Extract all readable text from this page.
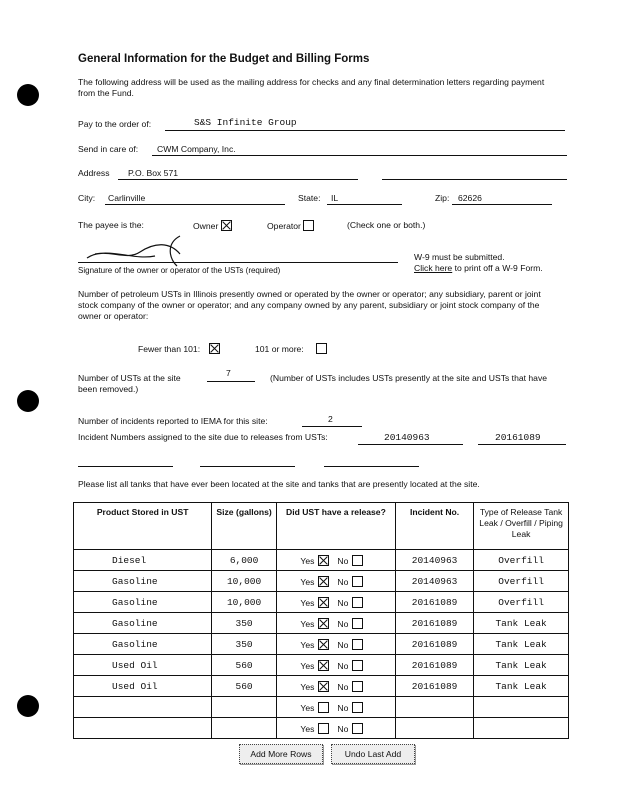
General Information for the Budget and Billing Forms
The following address will be used as the mailing address for checks and any final determination letters regarding payment from the Fund.
Pay to the order of:	S&S Infinite Group
Send in care of: CWM Company, Inc.
Address P.O. Box 571
City: Carlinville	State: IL	Zip: 62626
The payee is the:	Owner	Operator	(Check one or both.)
Signature of the owner or operator of the USTs (required)
W-9 must be submitted.
Click here to print off a W-9 Form.
Number of petroleum USTs in Illinois presently owned or operated by the owner or operator; any subsidiary, parent or joint stock company of the owner or operator; and any company owned by any parent, subsidiary or joint stock company of the owner or operator:
Fewer than 101:	101 or more:
Number of USTs at the site	7	(Number of USTs includes USTs presently at the site and USTs that have been removed.)
Number of incidents reported to IEMA for this site:	2
Incident Numbers assigned to the site due to releases from USTs:	20140963	20161089
Please list all tanks that have ever been located at the site and tanks that are presently located at the site.
Product Stored in UST	Size (gallons)	Did UST have a release?	Incident No.	Type of Release Tank Leak / Overfill / Piping Leak
Diesel	6,000	Yes No	20140963	Overfill
Gasoline	10,000	Yes No	20140963	Overfill
Gasoline	10,000	Yes No	20161089	Overfill
Gasoline	350	Yes No	20161089	Tank Leak
Gasoline	350	Yes No	20161089	Tank Leak
Used Oil	560	Yes No	20161089	Tank Leak
Used Oil	560	Yes No	20161089	Tank Leak
		Yes No		
		Yes No		
Add More Rows	Undo Last Add
